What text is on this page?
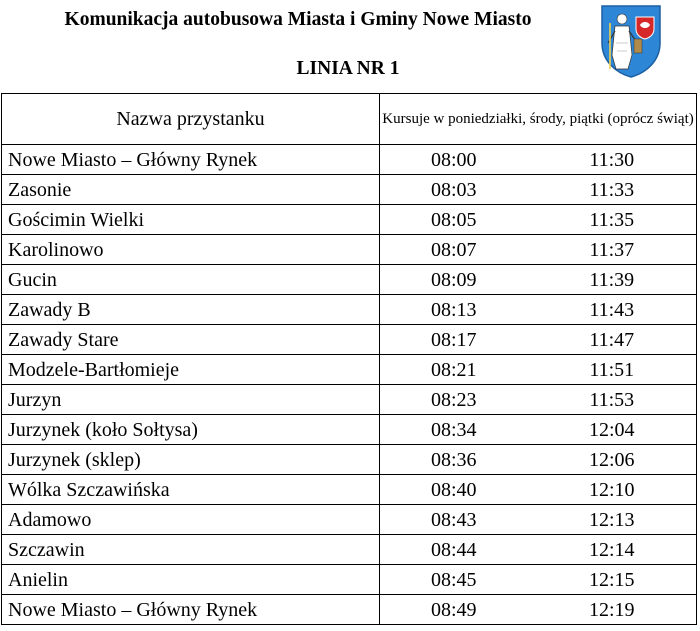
Komunikacja autobusowa Miasta i Gminy Nowe Miasto
LINIA NR 1
Nazwa przystanku	Kursuje w poniedziałki, środy, piątki (oprócz świąt)	
Nowe Miasto – Główny Rynek	08:00	11:30
Zasonie	08:03	11:33
Gościmin Wielki	08:05	11:35
Karolinowo	08:07	11:37
Gucin	08:09	11:39
Zawady B	08:13	11:43
Zawady Stare	08:17	11:47
Modzele-Bartłomieje	08:21	11:51
Jurzyn	08:23	11:53
Jurzynek (koło Sołtysa)	08:34	12:04
Jurzynek (sklep)	08:36	12:06
Wólka Szczawińska	08:40	12:10
Adamowo	08:43	12:13
Szczawin	08:44	12:14
Anielin	08:45	12:15
Nowe Miasto – Główny Rynek	08:49	12:19
